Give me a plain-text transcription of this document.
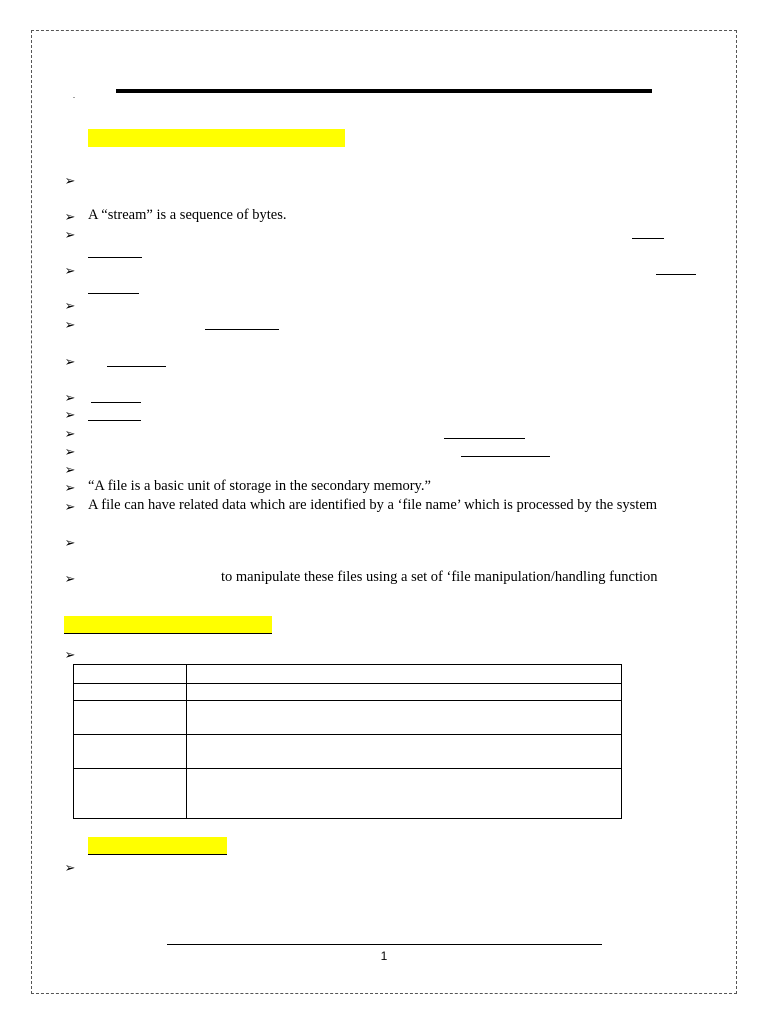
.
➢
➢ A “stream” is a sequence of bytes.
➢
➢
➢
➢
➢
➢
➢
➢
➢
➢
➢ “A file is a basic unit of storage in the secondary memory.”
➢ A file can have related data which are identified by a ‘file name’ which is processed by the system
➢
➢	to manipulate these files using a set of ‘file manipulation/handling function
➢

➢
1
